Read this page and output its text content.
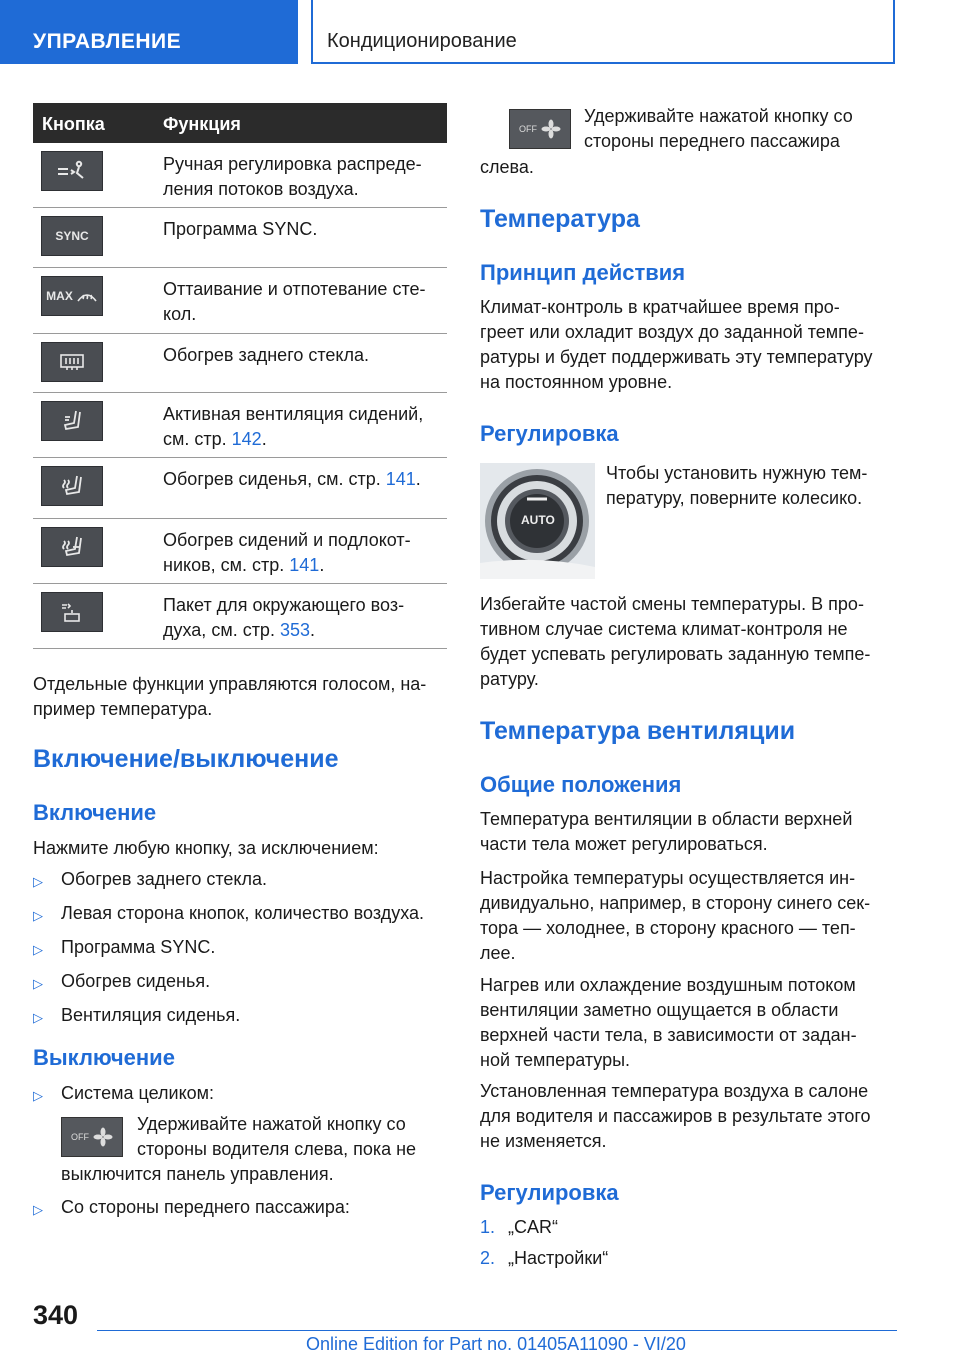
УПРАВЛЕНИЕ	Кондиционирование
Кнопка	Функция
Ручная регулировка распреде-
ления потоков воздуха.
SYNC	Программа SYNC.
MAX	Оттаивание и отпотевание сте-
кол.
Обогрев заднего стекла.
Активная вентиляция сидений,
см. стр. 142.
Обогрев сиденья, см. стр. 141.
Обогрев сидений и подлокот-
ников, см. стр. 141.
Пакет для окружающего воз-
духа, см. стр. 353.
Отдельные функции управляются голосом, на-
пример температура.
Включение/выключение
Включение
Нажмите любую кнопку, за исключением:
▷ Обогрев заднего стекла.
▷ Левая сторона кнопок, количество воздуха.
▷ Программа SYNC.
▷ Обогрев сиденья.
▷ Вентиляция сиденья.
Выключение
▷ Система целиком:
OFF
Удерживайте нажатой кнопку со
стороны водителя слева, пока не
выключится панель управления.
▷ Со стороны переднего пассажира:
OFF
Удерживайте нажатой кнопку со
стороны переднего пассажира
слева.
Температура
Принцип действия
Климат-контроль в кратчайшее время про-
греет или охладит воздух до заданной темпе-
ратуры и будет поддерживать эту температуру
на постоянном уровне.
Регулировка
AUTO
Чтобы установить нужную тем-
пературу, поверните колесико.
Избегайте частой смены температуры. В про-
тивном случае система климат-контроля не
будет успевать регулировать заданную темпе-
ратуру.
Температура вентиляции
Общие положения
Температура вентиляции в области верхней
части тела может регулироваться.
Настройка температуры осуществляется ин-
дивидуально, например, в сторону синего сек-
тора — холоднее, в сторону красного — теп-
лее.
Нагрев или охлаждение воздушным потоком
вентиляции заметно ощущается в области
верхней части тела, в зависимости от задан-
ной температуры.
Установленная температура воздуха в салоне
для водителя и пассажиров в результате этого
не изменяется.
Регулировка
1. „CAR“
2. „Настройки“
340
Online Edition for Part no. 01405A11090 - VI/20
